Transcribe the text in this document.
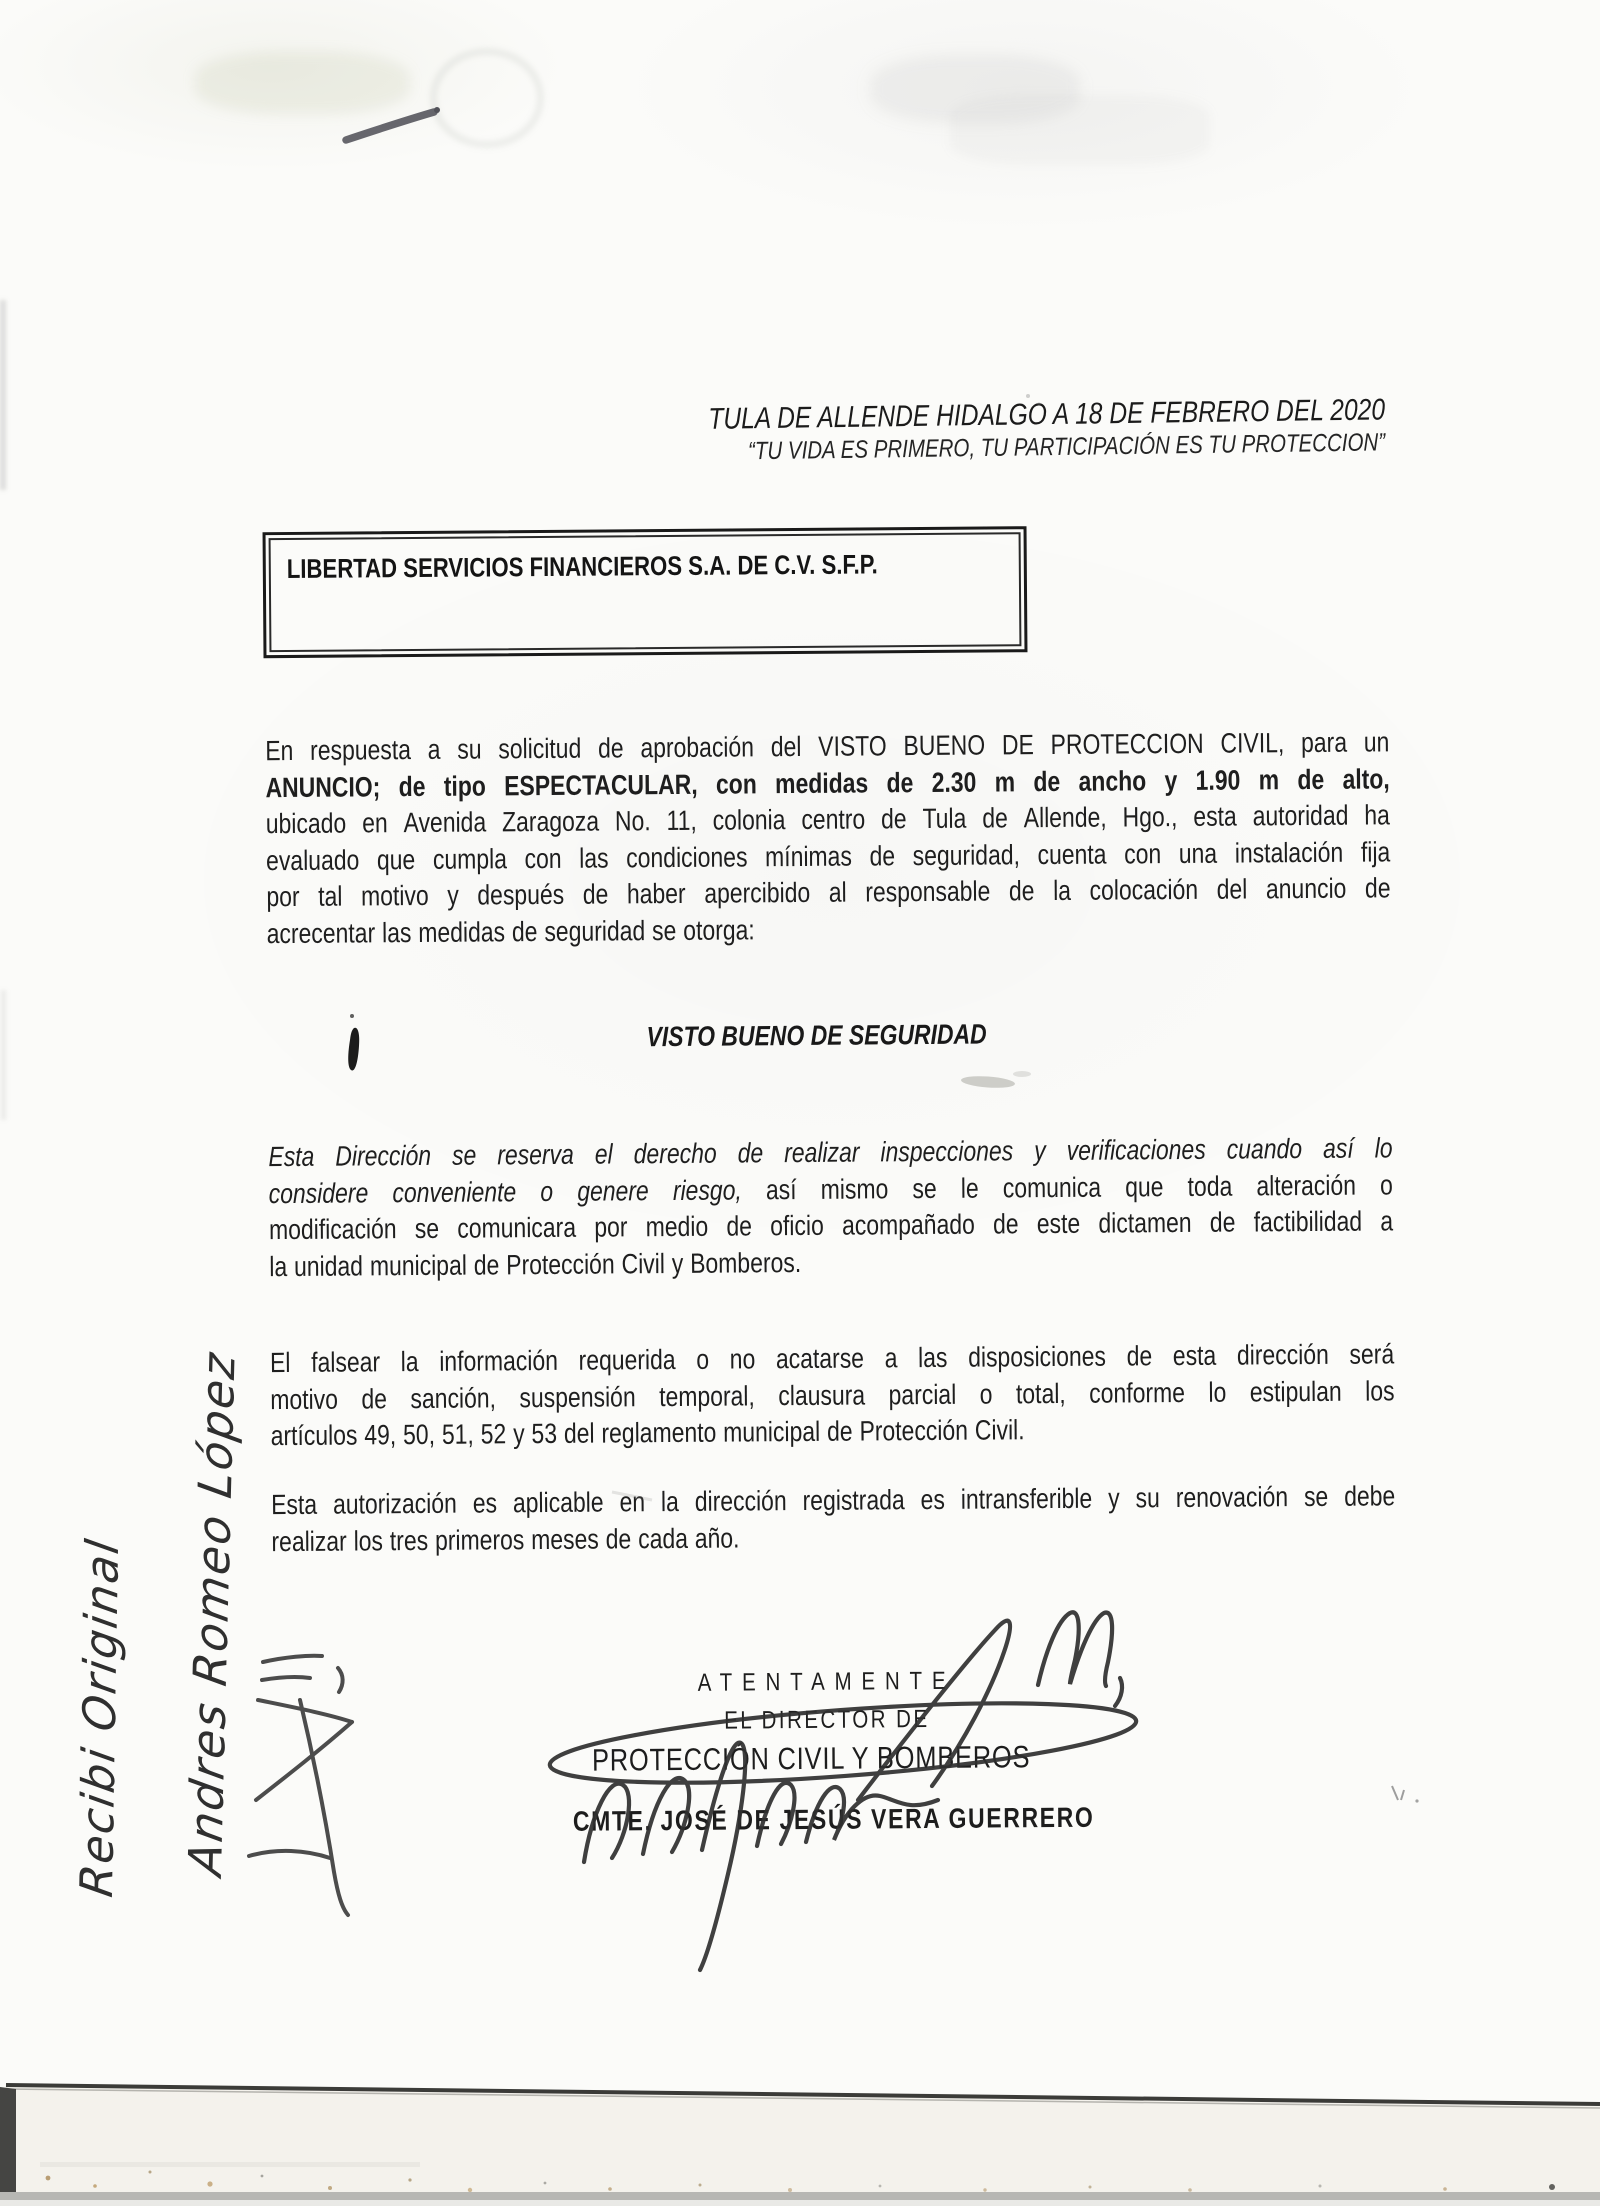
TULA DE ALLENDE HIDALGO A 18 DE FEBRERO DEL 2020
“TU VIDA ES PRIMERO, TU PARTICIPACIÓN ES TU PROTECCION”
LIBERTAD SERVICIOS FINANCIEROS S.A. DE C.V. S.F.P.
En respuesta a su solicitud de aprobación del VISTO BUENO DE PROTECCION CIVIL, para un
ANUNCIO; de tipo ESPECTACULAR, con medidas de 2.30 m de ancho y 1.90 m de alto,
ubicado en Avenida Zaragoza No. 11, colonia centro de Tula de Allende, Hgo., esta autoridad ha
evaluado que cumpla con las condiciones mínimas de seguridad, cuenta con una instalación fija
por tal motivo y después de haber apercibido al responsable de la colocación del anuncio de
acrecentar las medidas de seguridad se otorga:
VISTO BUENO DE SEGURIDAD
Esta Dirección se reserva el derecho de realizar inspecciones y verificaciones cuando así lo
considere conveniente o genere riesgo, así mismo se le comunica que toda alteración o
modificación se comunicara por medio de oficio acompañado de este dictamen de factibilidad a
la unidad municipal de Protección Civil y Bomberos.
El falsear la información requerida o no acatarse a las disposiciones de esta dirección será
motivo de sanción, suspensión temporal, clausura parcial o total, conforme lo estipulan los
artículos 49, 50, 51, 52 y 53 del reglamento municipal de Protección Civil.
Esta autorización es aplicable en la dirección registrada es intransferible y su renovación se debe
realizar los tres primeros meses de cada año.
ATENTAMENTE
EL DIRECTOR DE
PROTECCIÓN CIVIL Y BOMBEROS
CMTE. JOSÉ DE JESÚS VERA GUERRERO
Recibi Original Andres Romeo López
